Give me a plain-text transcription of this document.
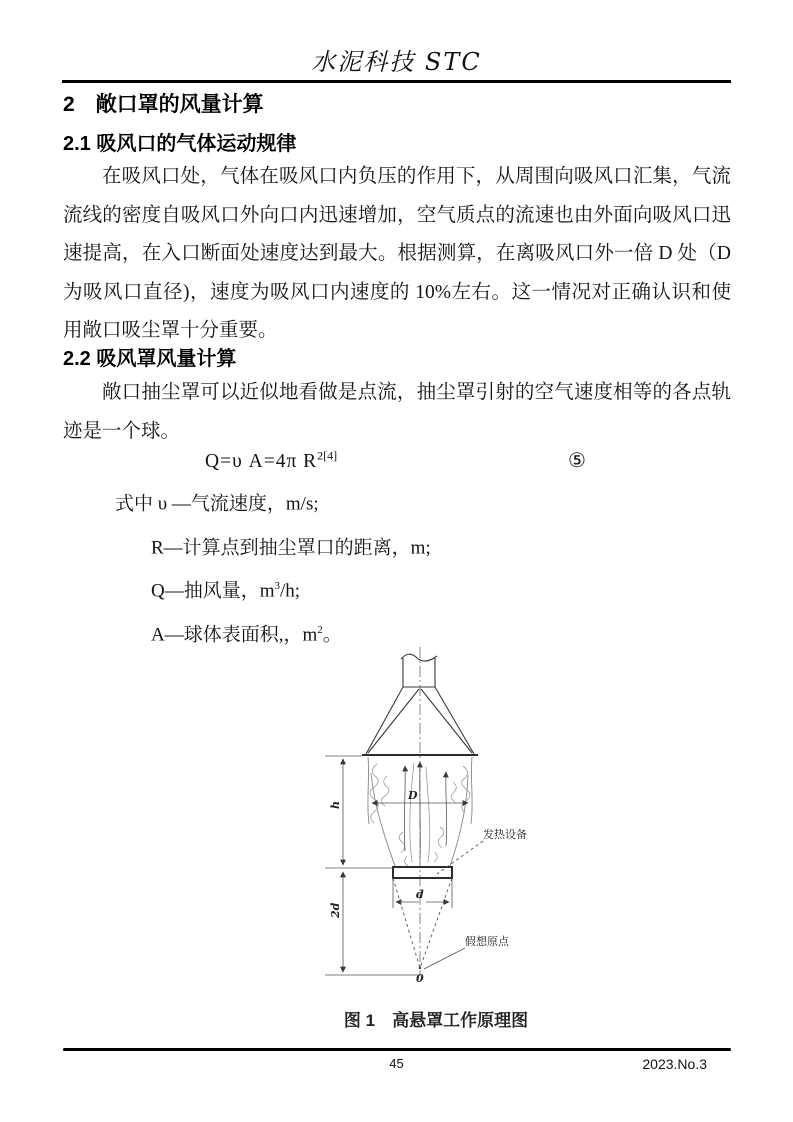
水泥科技 STC
2　敞口罩的风量计算
2.1 吸风口的气体运动规律

在吸风口处，气体在吸风口内负压的作用下，从周围向吸风口汇集，气流流线的密度自吸风口外向口内迅速增加，空气质点的流速也由外面向吸风口迅速提高，在入口断面处速度达到最大。根据测算，在离吸风口外一倍 D 处（D 为吸风口直径)，速度为吸风口内速度的 10%左右。这一情况对正确认识和使用敞口吸尘罩十分重要。

2.2 吸风罩风量计算

敞口抽尘罩可以近似地看做是点流，抽尘罩引射的空气速度相等的各点轨迹是一个球。

Q=υ A=4π $R^{2[4]}$	⑤
式中 υ —气流速度，m/s;
R—计算点到抽尘罩口的距离，m;
Q—抽风量，$m^3/h$;
A—球体表面积,，$m^2$。
D
d
0
h
2d
发热设备
假想原点
图 1　高悬罩工作原理图
45	2023.No.3
